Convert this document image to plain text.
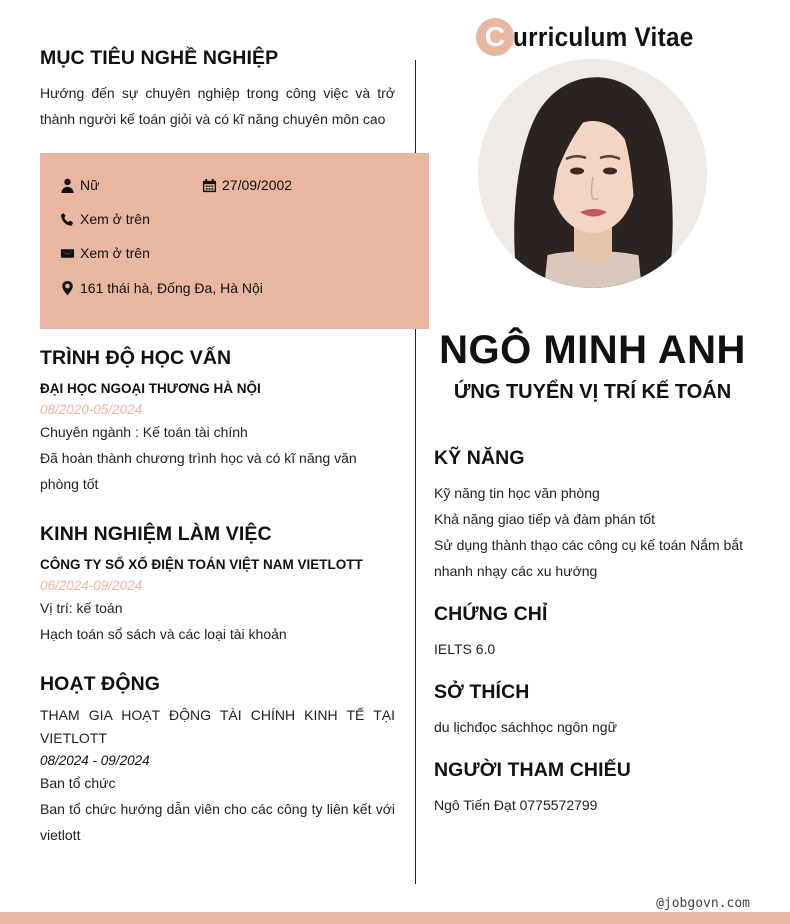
@jobgovn.com
MỤC TIÊU NGHỀ NGHIỆP
Hướng đến sự chuyên nghiệp trong công việc và trở thành người kế toán giỏi và có kĩ năng chuyên môn cao
Nữ	27/09/2002
Xem ở trên
Xem ở trên
161 thái hà, Đống Đa, Hà Nội
TRÌNH ĐỘ HỌC VẤN
ĐẠI HỌC NGOẠI THƯƠNG HÀ NỘI
08/2020-05/2024
Chuyên ngành : Kế toán tài chính
Đã hoàn thành chương trình học và có kĩ năng văn phòng tốt
KINH NGHIỆM LÀM VIỆC
CÔNG TY SỔ XỐ ĐIỆN TOÁN VIỆT NAM VIETLOTT
06/2024-09/2024
Vị trí: kế toán
Hạch toán sổ sách và các loại tài khoản
HOẠT ĐỘNG
THAM GIA HOẠT ĐỘNG TÀI CHÍNH KINH TẾ TẠI VIETLOTT
08/2024 - 09/2024
Ban tổ chức
Ban tổ chức hướng dẫn viên cho các công ty liên kết với vietlott
C urriculum Vitae
NGÔ MINH ANH
ỨNG TUYỂN VỊ TRÍ KẾ TOÁN
KỸ NĂNG
Kỹ năng tin học văn phòng
Khả năng giao tiếp và đàm phán tốt
Sử dụng thành thạo các công cụ kế toán Nắm bắt nhanh nhạy các xu hướng
CHỨNG CHỈ
IELTS 6.0
SỞ THÍCH
du lịchđọc sáchhọc ngôn ngữ
NGƯỜI THAM CHIẾU
Ngô Tiến Đạt 0775572799
